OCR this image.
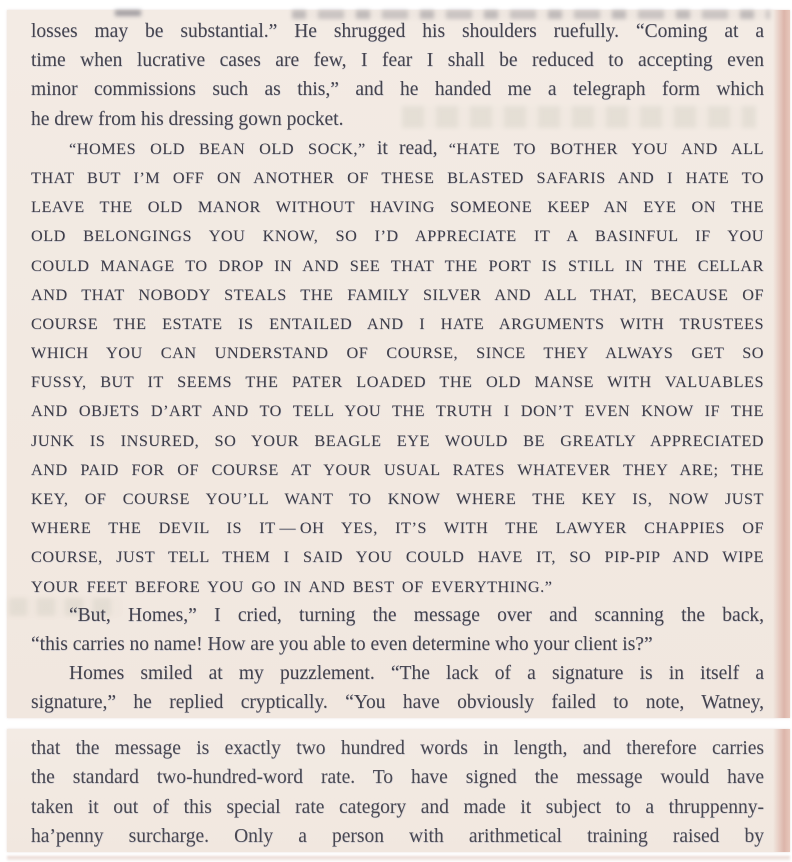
losses may be substantial.” He shrugged his shoulders ruefully. “Coming at a
time when lucrative cases are few, I fear I shall be reduced to accepting even
minor commissions such as this,” and he handed me a telegraph form which
he drew from his dressing gown pocket.
“HOMES OLD BEAN OLD SOCK,” it read, “HATE TO BOTHER YOU AND ALL
THAT BUT I’M OFF ON ANOTHER OF THESE BLASTED SAFARIS AND I HATE TO
LEAVE THE OLD MANOR WITHOUT HAVING SOMEONE KEEP AN EYE ON THE
OLD BELONGINGS YOU KNOW, SO I’D APPRECIATE IT A BASINFUL IF YOU
COULD MANAGE TO DROP IN AND SEE THAT THE PORT IS STILL IN THE CELLAR
AND THAT NOBODY STEALS THE FAMILY SILVER AND ALL THAT, BECAUSE OF
COURSE THE ESTATE IS ENTAILED AND I HATE ARGUMENTS WITH TRUSTEES
WHICH YOU CAN UNDERSTAND OF COURSE, SINCE THEY ALWAYS GET SO
FUSSY, BUT IT SEEMS THE PATER LOADED THE OLD MANSE WITH VALUABLES
AND OBJETS D’ART AND TO TELL YOU THE TRUTH I DON’T EVEN KNOW IF THE
JUNK IS INSURED, SO YOUR BEAGLE EYE WOULD BE GREATLY APPRECIATED
AND PAID FOR OF COURSE AT YOUR USUAL RATES WHATEVER THEY ARE; THE
KEY, OF COURSE YOU’LL WANT TO KNOW WHERE THE KEY IS, NOW JUST
WHERE THE DEVIL IS IT — OH YES, IT’S WITH THE LAWYER CHAPPIES OF
COURSE, JUST TELL THEM I SAID YOU COULD HAVE IT, SO PIP-PIP AND WIPE
YOUR FEET BEFORE YOU GO IN AND BEST OF EVERYTHING.”
“But, Homes,” I cried, turning the message over and scanning the back,
“this carries no name! How are you able to even determine who your client is?”
Homes smiled at my puzzlement. “The lack of a signature is in itself a
signature,” he replied cryptically. “You have obviously failed to note, Watney,
that the message is exactly two hundred words in length, and therefore carries
the standard two-hundred-word rate. To have signed the message would have
taken it out of this special rate category and made it subject to a thruppenny-
ha’penny surcharge. Only a person with arithmetical training raised by
